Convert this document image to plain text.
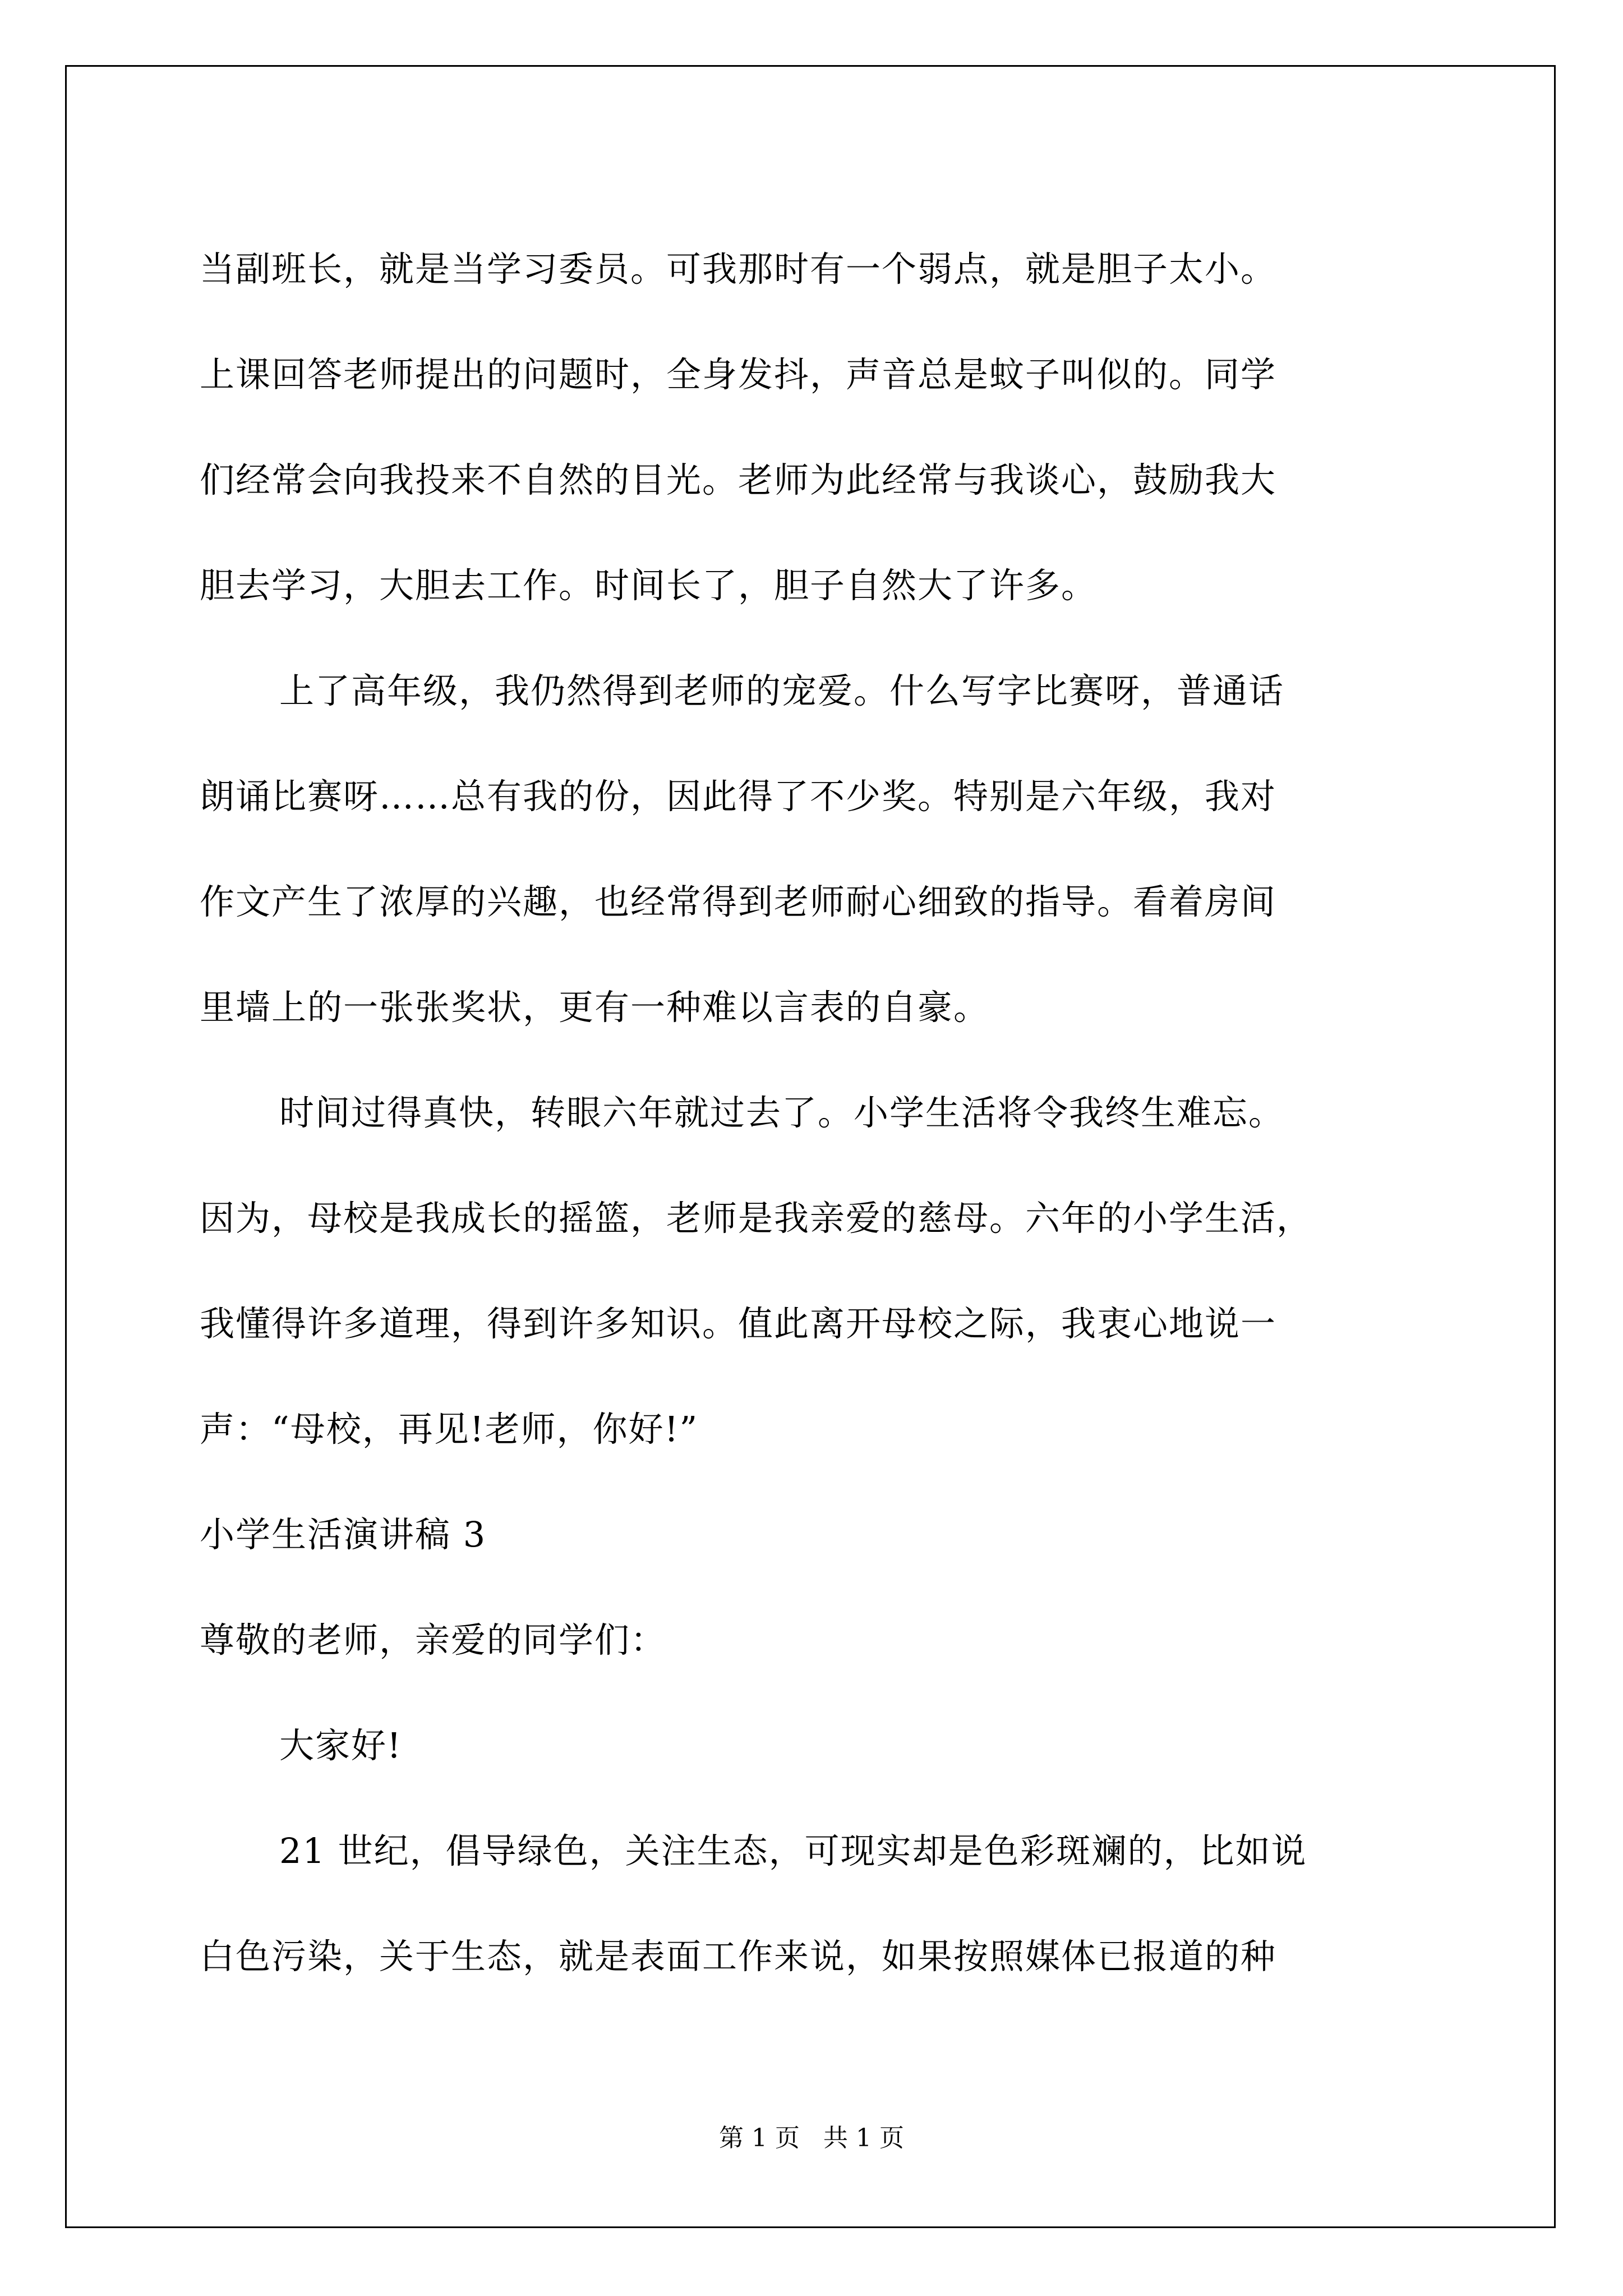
当副班长，就是当学习委员。可我那时有一个弱点，就是胆子太小。
上课回答老师提出的问题时，全身发抖，声音总是蚊子叫似的。同学
们经常会向我投来不自然的目光。老师为此经常与我谈心，鼓励我大
胆去学习，大胆去工作。时间长了，胆子自然大了许多。
上了高年级，我仍然得到老师的宠爱。什么写字比赛呀，普通话
朗诵比赛呀……总有我的份，因此得了不少奖。特别是六年级，我对
作文产生了浓厚的兴趣，也经常得到老师耐心细致的指导。看着房间
里墙上的一张张奖状，更有一种难以言表的自豪。
时间过得真快，转眼六年就过去了。小学生活将令我终生难忘。
因为，母校是我成长的摇篮，老师是我亲爱的慈母。六年的小学生活，
我懂得许多道理，得到许多知识。值此离开母校之际，我衷心地说一
声：“母校，再见!老师，你好!”
小学生活演讲稿 3
尊敬的老师，亲爱的同学们：
大家好!
21 世纪，倡导绿色，关注生态，可现实却是色彩斑斓的，比如说
白色污染，关于生态，就是表面工作来说，如果按照媒体已报道的种
第 1 页   共 1 页
